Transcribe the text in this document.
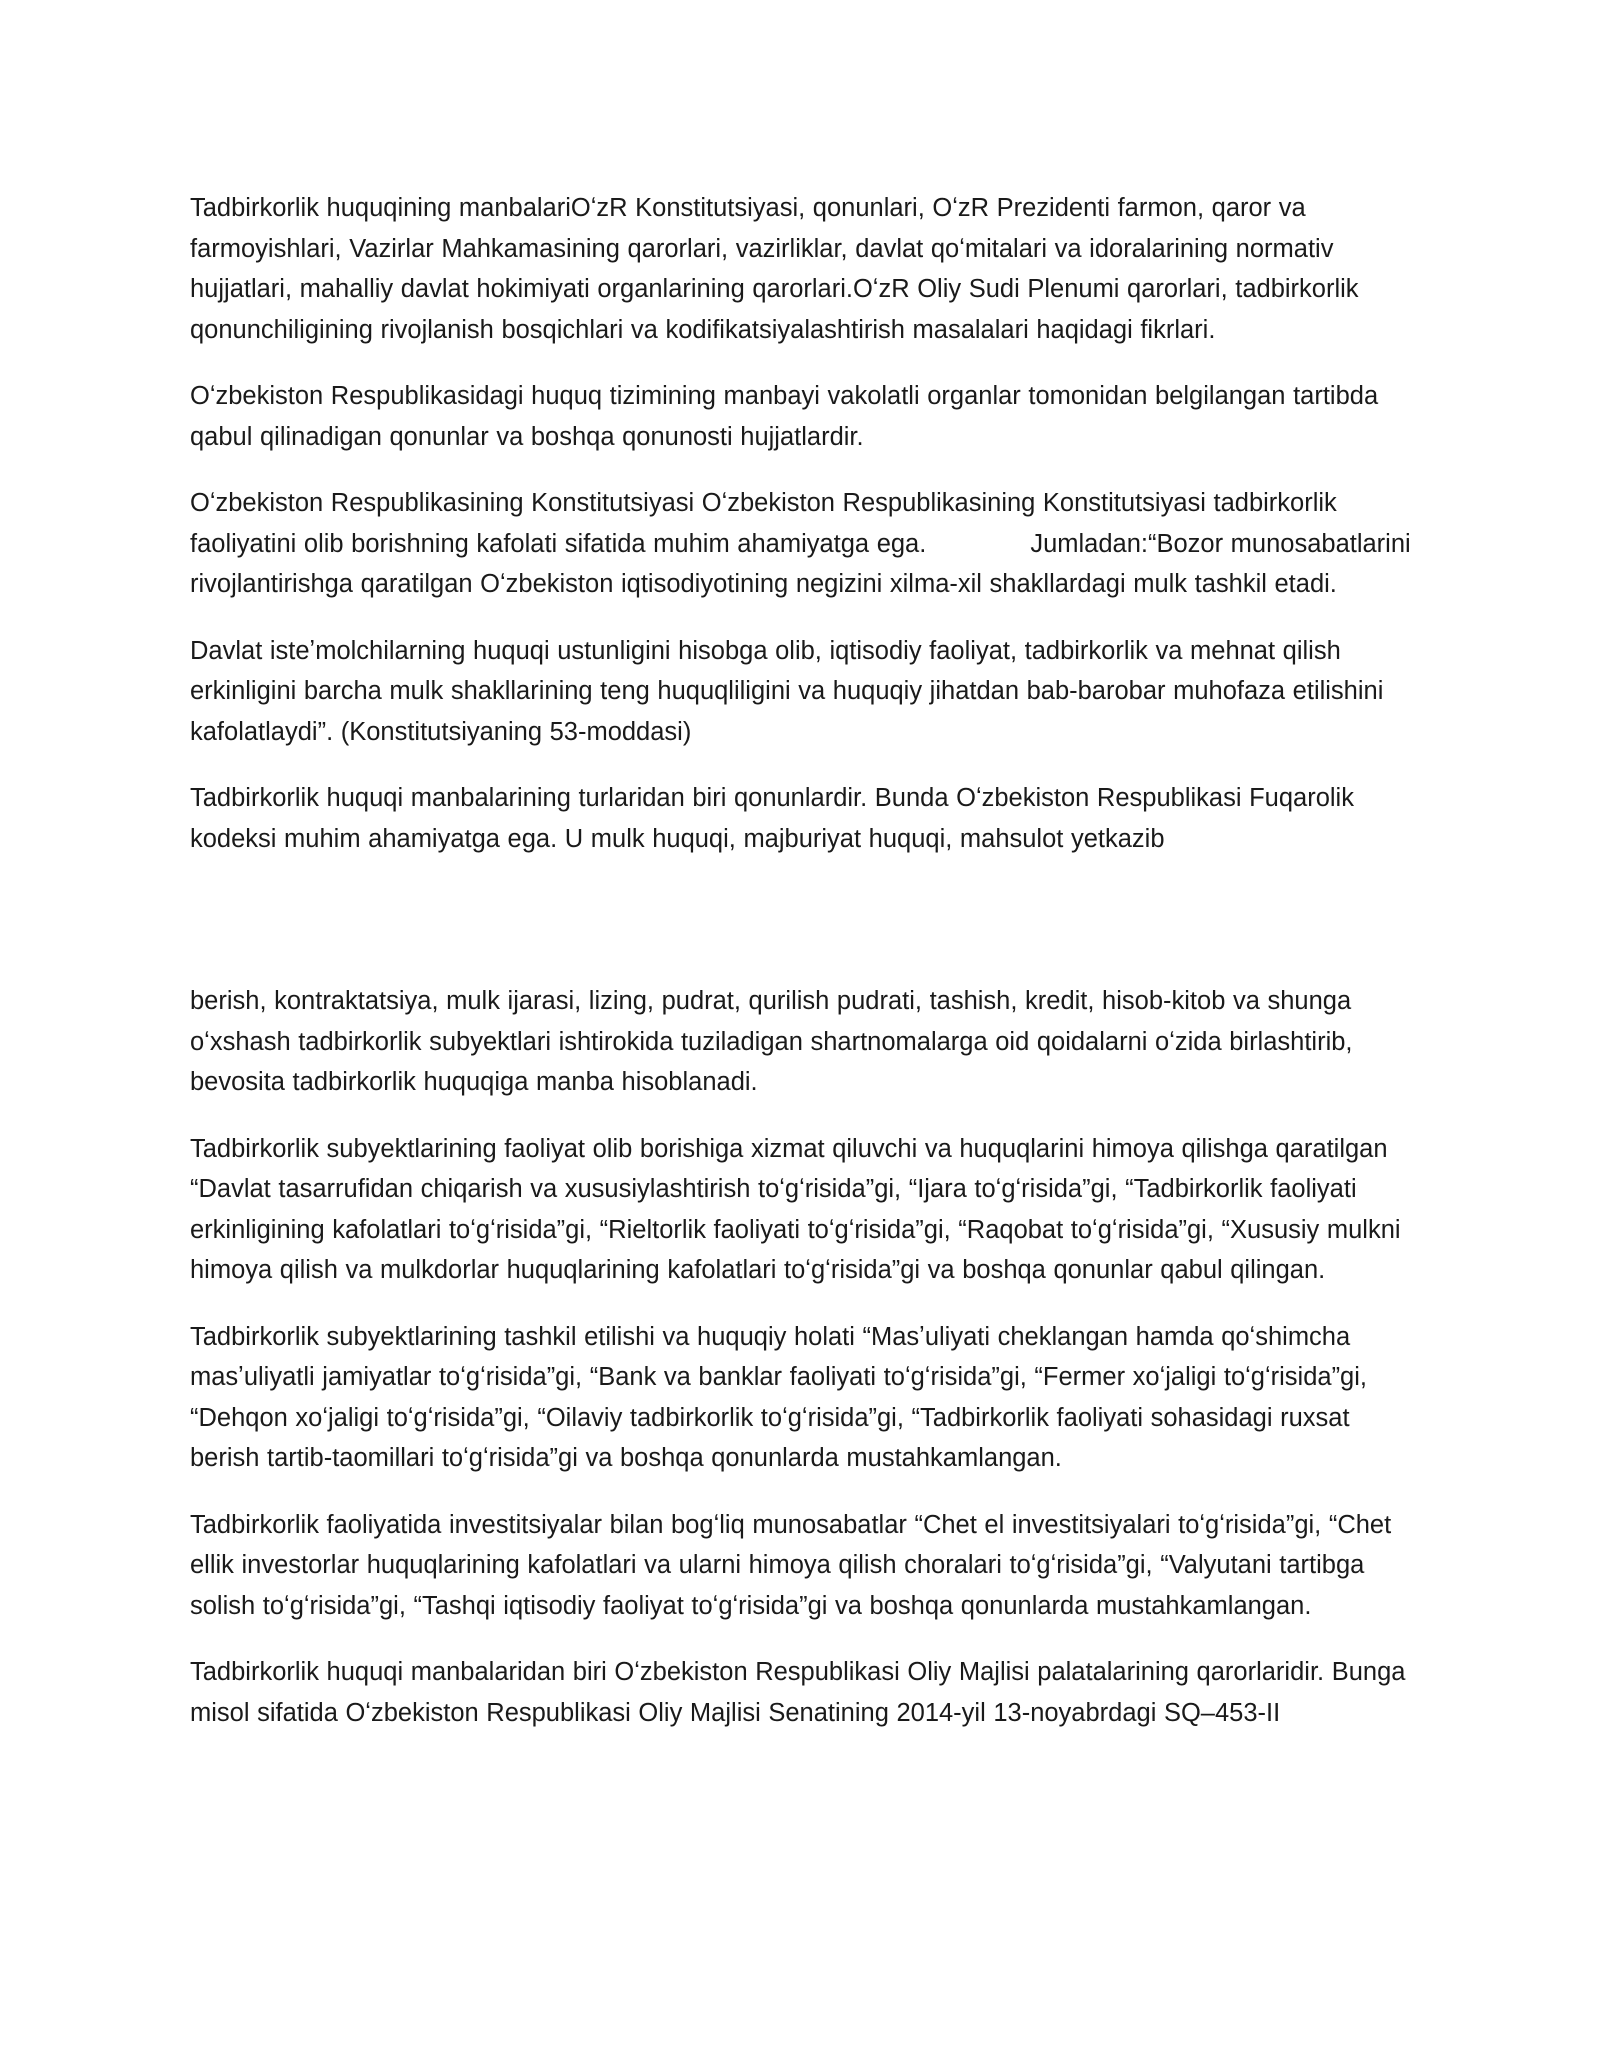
Tadbirkorlik huquqining manbalariOʻzR Konstitutsiyasi, qonunlari, OʻzR Prezidenti farmon, qaror va farmoyishlari, Vazirlar Mahkamasining qarorlari, vazirliklar, davlat qoʻmitalari va idoralarining normativ hujjatlari, mahalliy davlat hokimiyati organlarining qarorlari.OʻzR Oliy Sudi Plenumi qarorlari, tadbirkorlik qonunchiligining rivojlanish bosqichlari va kodifikatsiyalashtirish masalalari haqidagi fikrlari.

Oʻzbekiston Respublikasidagi huquq tizimining manbayi vakolatli organlar tomonidan belgilangan tartibda qabul qilinadigan qonunlar va boshqa qonunosti hujjatlardir.

Oʻzbekiston Respublikasining Konstitutsiyasi Oʻzbekiston Respublikasining Konstitutsiyasi tadbirkorlik faoliyatini olib borishning kafolati sifatida muhim ahamiyatga ega.	Jumladan:“Bozor munosabatlarini rivojlantirishga qaratilgan Oʻzbekiston iqtisodiyotining negizini xilma-xil shakllardagi mulk tashkil etadi.

Davlat isteʼmolchilarning huquqi ustunligini hisobga olib, iqtisodiy faoliyat, tadbirkorlik va mehnat qilish erkinligini barcha mulk shakllarining teng huquqliligini va huquqiy jihatdan bab-barobar muhofaza etilishini kafolatlaydi”. (Konstitutsiyaning 53-moddasi)

Tadbirkorlik huquqi manbalarining turlaridan biri qonunlardir. Bunda Oʻzbekiston Respublikasi Fuqarolik kodeksi muhim ahamiyatga ega. U mulk huquqi, majburiyat huquqi, mahsulot yetkazib

berish, kontraktatsiya, mulk ijarasi, lizing, pudrat, qurilish pudrati, tashish, kredit, hisob-kitob va shunga oʻxshash tadbirkorlik subyektlari ishtirokida tuziladigan shartnomalarga oid qoidalarni oʻzida birlashtirib, bevosita tadbirkorlik huquqiga manba hisoblanadi.

Tadbirkorlik subyektlarining faoliyat olib borishiga xizmat qiluvchi va huquqlarini himoya qilishga qaratilgan “Davlat tasarrufidan chiqarish va xususiylashtirish toʻgʻrisida”gi, “Ijara toʻgʻrisida”gi, “Tadbirkorlik faoliyati erkinligining kafolatlari toʻgʻrisida”gi, “Rieltorlik faoliyati toʻgʻrisida”gi, “Raqobat toʻgʻrisida”gi, “Xususiy mulkni himoya qilish va mulkdorlar huquqlarining kafolatlari toʻgʻrisida”gi va boshqa qonunlar qabul qilingan.

Tadbirkorlik subyektlarining tashkil etilishi va huquqiy holati “Masʼuliyati cheklangan hamda qoʻshimcha masʼuliyatli jamiyatlar toʻgʻrisida”gi, “Bank va banklar faoliyati toʻgʻrisida”gi, “Fermer xoʻjaligi toʻgʻrisida”gi, “Dehqon xoʻjaligi toʻgʻrisida”gi, “Oilaviy tadbirkorlik toʻgʻrisida”gi, “Tadbirkorlik faoliyati sohasidagi ruxsat berish tartib-taomillari toʻgʻrisida”gi va boshqa qonunlarda mustahkamlangan.

Tadbirkorlik faoliyatida investitsiyalar bilan bogʻliq munosabatlar “Chet el investitsiyalari toʻgʻrisida”gi, “Chet ellik investorlar huquqlarining kafolatlari va ularni himoya qilish choralari toʻgʻrisida”gi, “Valyutani tartibga solish toʻgʻrisida”gi, “Tashqi iqtisodiy faoliyat toʻgʻrisida”gi va boshqa qonunlarda mustahkamlangan.

Tadbirkorlik huquqi manbalaridan biri Oʻzbekiston Respublikasi Oliy Majlisi palatalarining qarorlaridir. Bunga misol sifatida Oʻzbekiston Respublikasi Oliy Majlisi Senatining 2014-yil 13-noyabrdagi SQ–453-II
